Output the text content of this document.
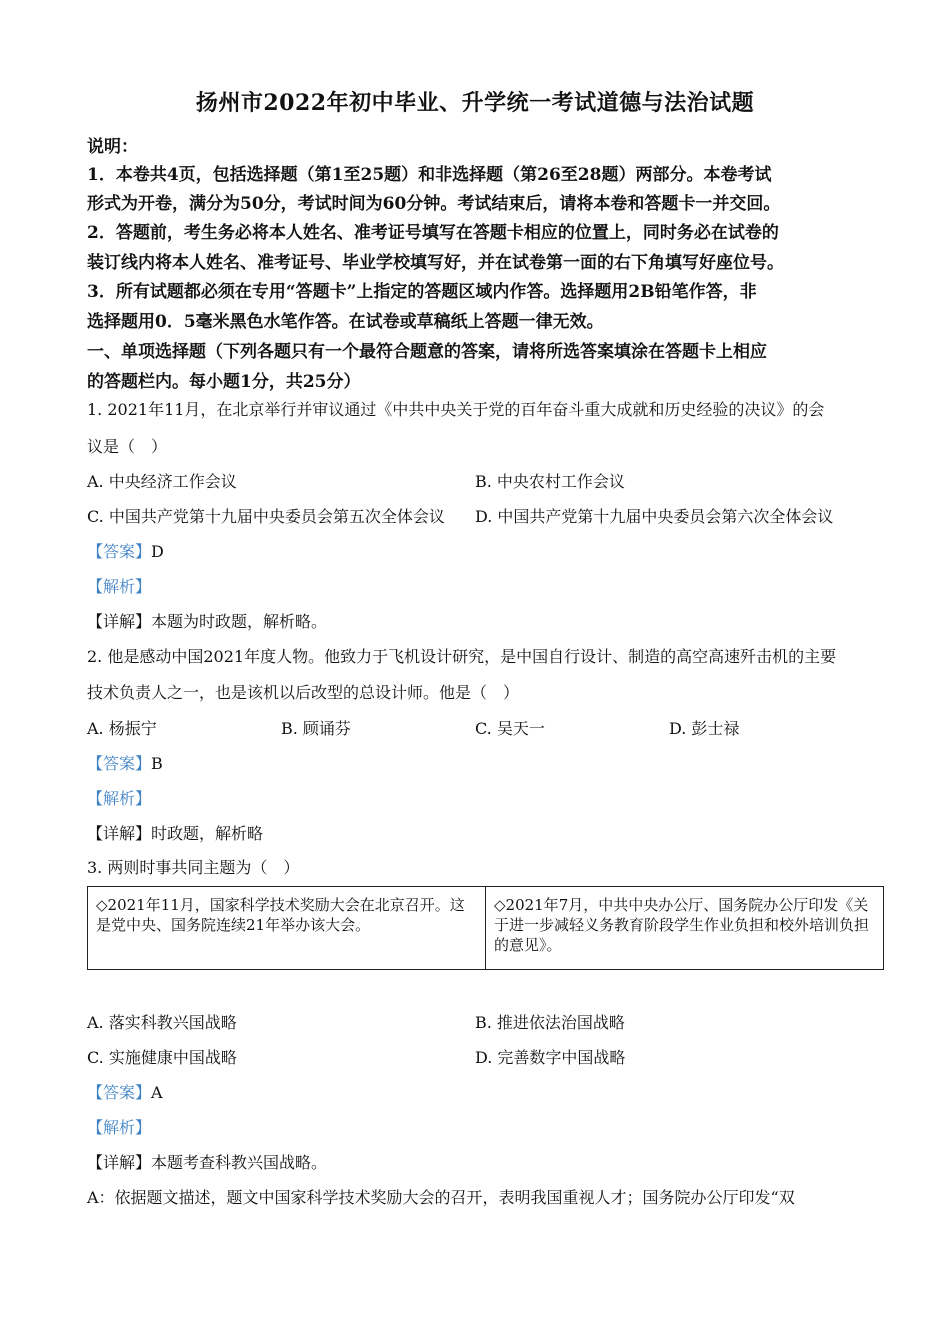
扬州市2022年初中毕业、升学统一考试道德与法治试题
说明：
1．本卷共4页，包括选择题（第1至25题）和非选择题（第26至28题）两部分。本卷考试
形式为开卷，满分为50分，考试时间为60分钟。考试结束后，请将本卷和答题卡一并交回。
2．答题前，考生务必将本人姓名、准考证号填写在答题卡相应的位置上，同时务必在试卷的
装订线内将本人姓名、准考证号、毕业学校填写好，并在试卷第一面的右下角填写好座位号。
3．所有试题都必须在专用“答题卡”上指定的答题区域内作答。选择题用2B铅笔作答，非
选择题用0．5毫米黑色水笔作答。在试卷或草稿纸上答题一律无效。
一、单项选择题（下列各题只有一个最符合题意的答案，请将所选答案填涂在答题卡上相应
的答题栏内。每小题1分，共25分）
1. 2021年11月，在北京举行并审议通过《中共中央关于党的百年奋斗重大成就和历史经验的决议》的会
议是（　）
A. 中央经济工作会议	B. 中央农村工作会议
C. 中国共产党第十九届中央委员会第五次全体会议 D. 中国共产党第十九届中央委员会第六次全体会议
【答案】D
【解析】
【详解】本题为时政题，解析略。
2. 他是感动中国2021年度人物。他致力于飞机设计研究，是中国自行设计、制造的高空高速歼击机的主要
技术负责人之一，也是该机以后改型的总设计师。他是（　）
A. 杨振宁	B. 顾诵芬	C. 吴天一	D. 彭士禄
【答案】B
【解析】
【详解】时政题，解析略
3. 两则时事共同主题为（　）
◇2021年11月，国家科学技术奖励大会在北京召开。这是党中央、国务院连续21年举办该大会。	◇2021年7月，中共中央办公厅、国务院办公厅印发《关于进一步减轻义务教育阶段学生作业负担和校外培训负担的意见》。
A. 落实科教兴国战略	B. 推进依法治国战略
C. 实施健康中国战略	D. 完善数字中国战略
【答案】A
【解析】
【详解】本题考查科教兴国战略。
A：依据题文描述，题文中国家科学技术奖励大会的召开，表明我国重视人才；国务院办公厅印发“双
